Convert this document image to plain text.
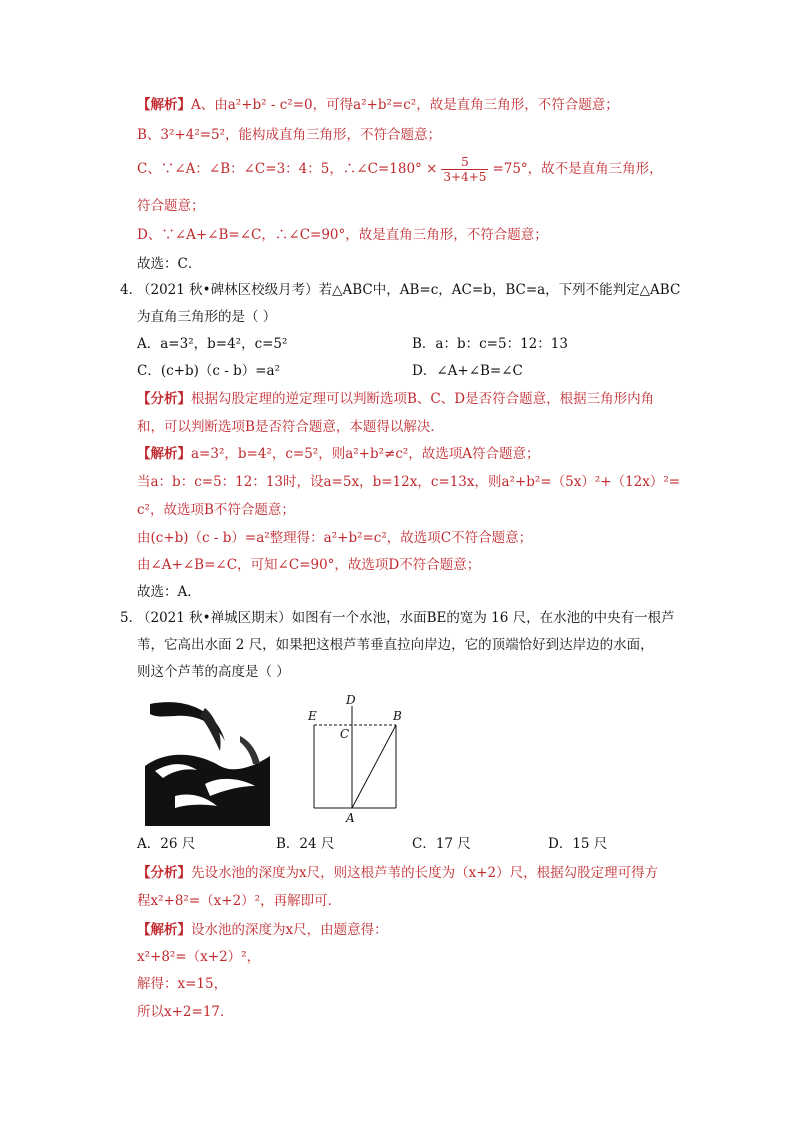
【解析】A、由a²+b² - c²=0，可得a²+b²=c²，故是直角三角形，不符合题意；
B、3²+4²=5²，能构成直角三角形，不符合题意；
C、∵∠A：∠B：∠C=3：4：5，∴∠C=180° × $\frac{5}{3+4+5} =75^\circ$，故不是直角三角形，
符合题意；
D、∵∠A+∠B=∠C，∴∠C=90°，故是直角三角形，不符合题意；
故选：C．
4．
（2021 秋•碑林区校级月考）若△ABC中，AB=c，AC=b，BC=a，下列不能判定△ABC
为直角三角形的是（ ）
A．a=3²，b=4²，c=5²	B．a：b：c=5：12：13
C．(c+b)（c - b）=a²	D．∠A+∠B=∠C
【分析】根据勾股定理的逆定理可以判断选项B、C、D是否符合题意，根据三角形内角
和，可以判断选项B是否符合题意，本题得以解决．
【解析】a=3²，b=4²，c=5²，则a²+b²≠c²，故选项A符合题意；
当a：b：c=5：12：13时，设a=5x，b=12x，c=13x，则a²+b²=（5x）²+（12x）²=
c²，故选项B不符合题意；
由(c+b)（c - b）=a²整理得：a²+b²=c²，故选项C不符合题意；
由∠A+∠B=∠C，可知∠C=90°，故选项D不符合题意；
故选：A．
5．
（2021 秋•禅城区期末）如图有一个水池，水面BE的宽为 16 尺，在水池的中央有一根芦
苇，它高出水面 2 尺，如果把这根芦苇垂直拉向岸边，它的顶端恰好到达岸边的水面，
则这个芦苇的高度是（ ）
D
E	B
C
A
A．26 尺	B．24 尺	C．17 尺	D．15 尺
【分析】先设水池的深度为x尺，则这根芦苇的长度为（x+2）尺，根据勾股定理可得方
程x²+8²=（x+2）²，再解即可．
【解析】设水池的深度为x尺，由题意得：
x²+8²=（x+2）²，
解得：x=15，
所以x+2=17．
